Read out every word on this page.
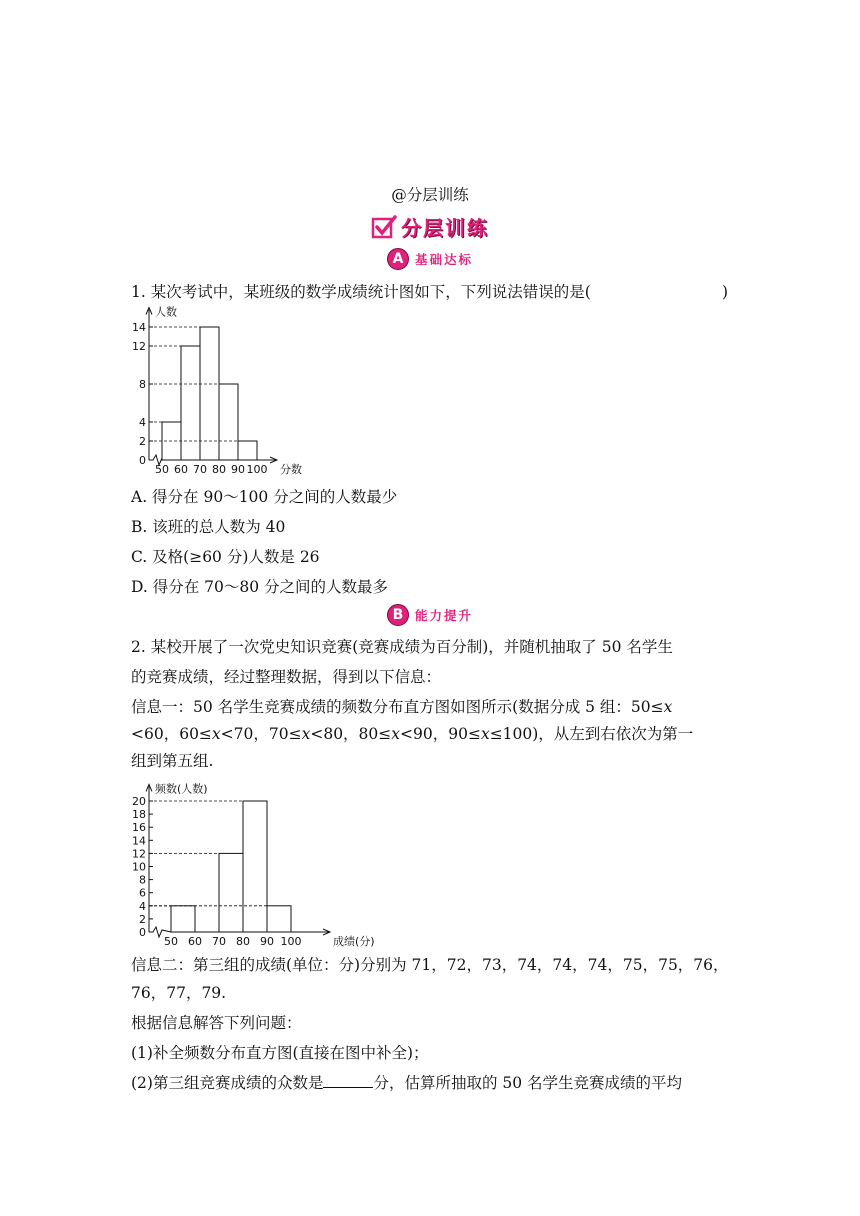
@分层训练
分层训练
A 基础达标
1. 某次考试中，某班级的数学成绩统计图如下，下列说法错误的是(	)
0
2
4
8
12
14
50 60 70 80 90 100
人数
分数
A. 得分在 90～100 分之间的人数最少
B. 该班的总人数为 40
C. 及格(≥60 分)人数是 26
D. 得分在 70～80 分之间的人数最多
B 能力提升
2. 某校开展了一次党史知识竞赛(竞赛成绩为百分制)，并随机抽取了 50 名学生
的竞赛成绩，经过整理数据，得到以下信息：
信息一：50 名学生竞赛成绩的频数分布直方图如图所示(数据分成 5 组：50≤x
<60，60≤x<70，70≤x<80，80≤x<90，90≤x≤100)，从左到右依次为第一
组到第五组.
0
2
4
6
8
10
12
14
16
18
20
50 60 70 80 90 100
频数(人数)
成绩(分)
信息二：第三组的成绩(单位：分)分别为 71，72，73，74，74，74，75，75，76，
76，77，79.
根据信息解答下列问题：
(1)补全频数分布直方图(直接在图中补全)；
(2)第三组竞赛成绩的众数是	分，估算所抽取的 50 名学生竞赛成绩的平均
